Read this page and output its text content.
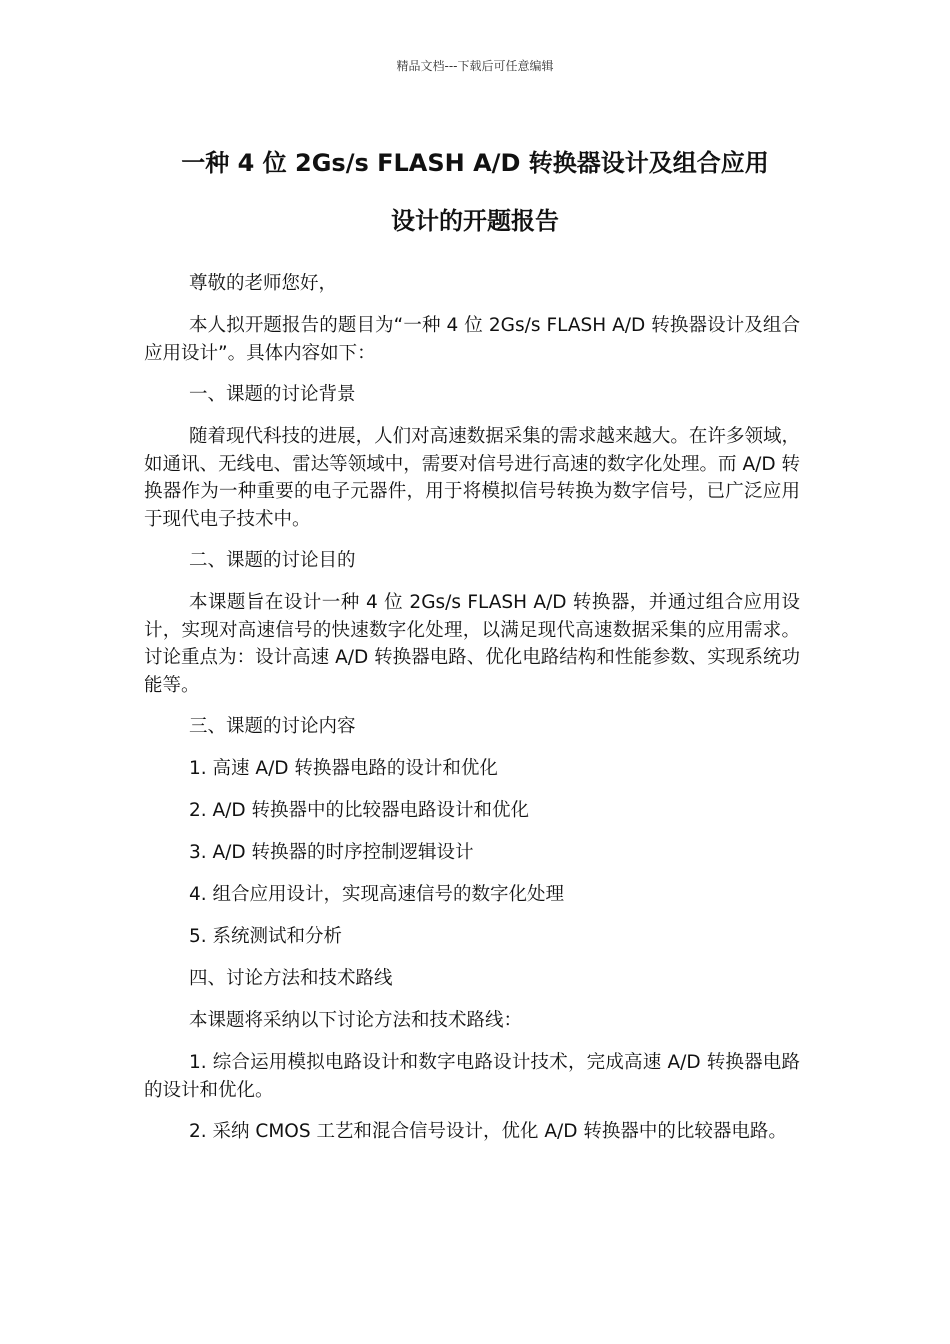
精品文档---下载后可任意编辑
一种 4 位 2Gs/s FLASH A/D 转换器设计及组合应用
设计的开题报告

尊敬的老师您好，

本人拟开题报告的题目为“一种 4 位 2Gs/s FLASH A/D 转换器设计及组合应用设计”。具体内容如下：

一、课题的讨论背景

随着现代科技的进展，人们对高速数据采集的需求越来越大。在许多领域，如通讯、无线电、雷达等领域中，需要对信号进行高速的数字化处理。而 A/D 转换器作为一种重要的电子元器件，用于将模拟信号转换为数字信号，已广泛应用于现代电子技术中。

二、课题的讨论目的

本课题旨在设计一种 4 位 2Gs/s FLASH A/D 转换器，并通过组合应用设计，实现对高速信号的快速数字化处理，以满足现代高速数据采集的应用需求。讨论重点为：设计高速 A/D 转换器电路、优化电路结构和性能参数、实现系统功能等。

三、课题的讨论内容

1. 高速 A/D 转换器电路的设计和优化

2. A/D 转换器中的比较器电路设计和优化

3. A/D 转换器的时序控制逻辑设计

4. 组合应用设计，实现高速信号的数字化处理

5. 系统测试和分析

四、讨论方法和技术路线

本课题将采纳以下讨论方法和技术路线：

1. 综合运用模拟电路设计和数字电路设计技术，完成高速 A/D 转换器电路的设计和优化。

2. 采纳 CMOS 工艺和混合信号设计，优化 A/D 转换器中的比较器电路。
